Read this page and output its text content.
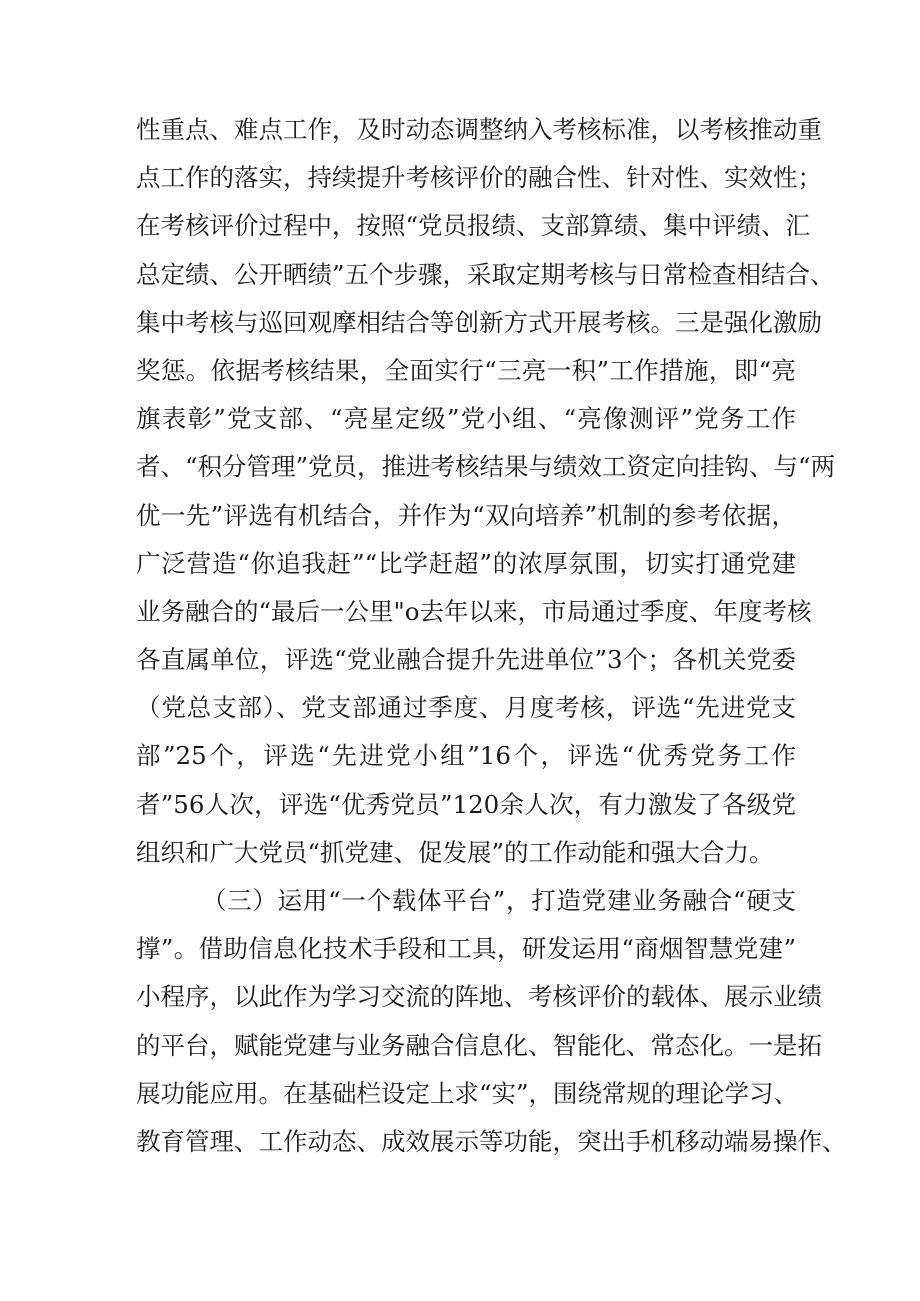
性重点、难点工作，及时动态调整纳入考核标准，以考核推动重
点工作的落实，持续提升考核评价的融合性、针对性、实效性；
在考核评价过程中，按照“党员报绩、支部算绩、集中评绩、汇
总定绩、公开晒绩”五个步骤，采取定期考核与日常检查相结合、
集中考核与巡回观摩相结合等创新方式开展考核。三是强化激励
奖惩。依据考核结果，全面实行“三亮一积”工作措施，即“亮
旗表彰”党支部、“亮星定级”党小组、“亮像测评”党务工作
者、“积分管理”党员，推进考核结果与绩效工资定向挂钩、与“两
优一先”评选有机结合，并作为“双向培养”机制的参考依据，
广泛营造“你追我赶”“比学赶超”的浓厚氛围，切实打通党建
业务融合的“最后一公里"o去年以来，市局通过季度、年度考核
各直属单位，评选“党业融合提升先进单位”3个；各机关党委
（党总支部）、党支部通过季度、月度考核，评选“先进党支
部”25个，评选“先进党小组”16个，评选“优秀党务工作
者”56人次，评选“优秀党员”120余人次，有力激发了各级党
组织和广大党员“抓党建、促发展”的工作动能和强大合力。
（三）运用“一个载体平台”，打造党建业务融合“硬支
撑”。借助信息化技术手段和工具，研发运用“商烟智慧党建”
小程序，以此作为学习交流的阵地、考核评价的载体、展示业绩
的平台，赋能党建与业务融合信息化、智能化、常态化。一是拓
展功能应用。在基础栏设定上求“实”，围绕常规的理论学习、
教育管理、工作动态、成效展示等功能，突出手机移动端易操作、
